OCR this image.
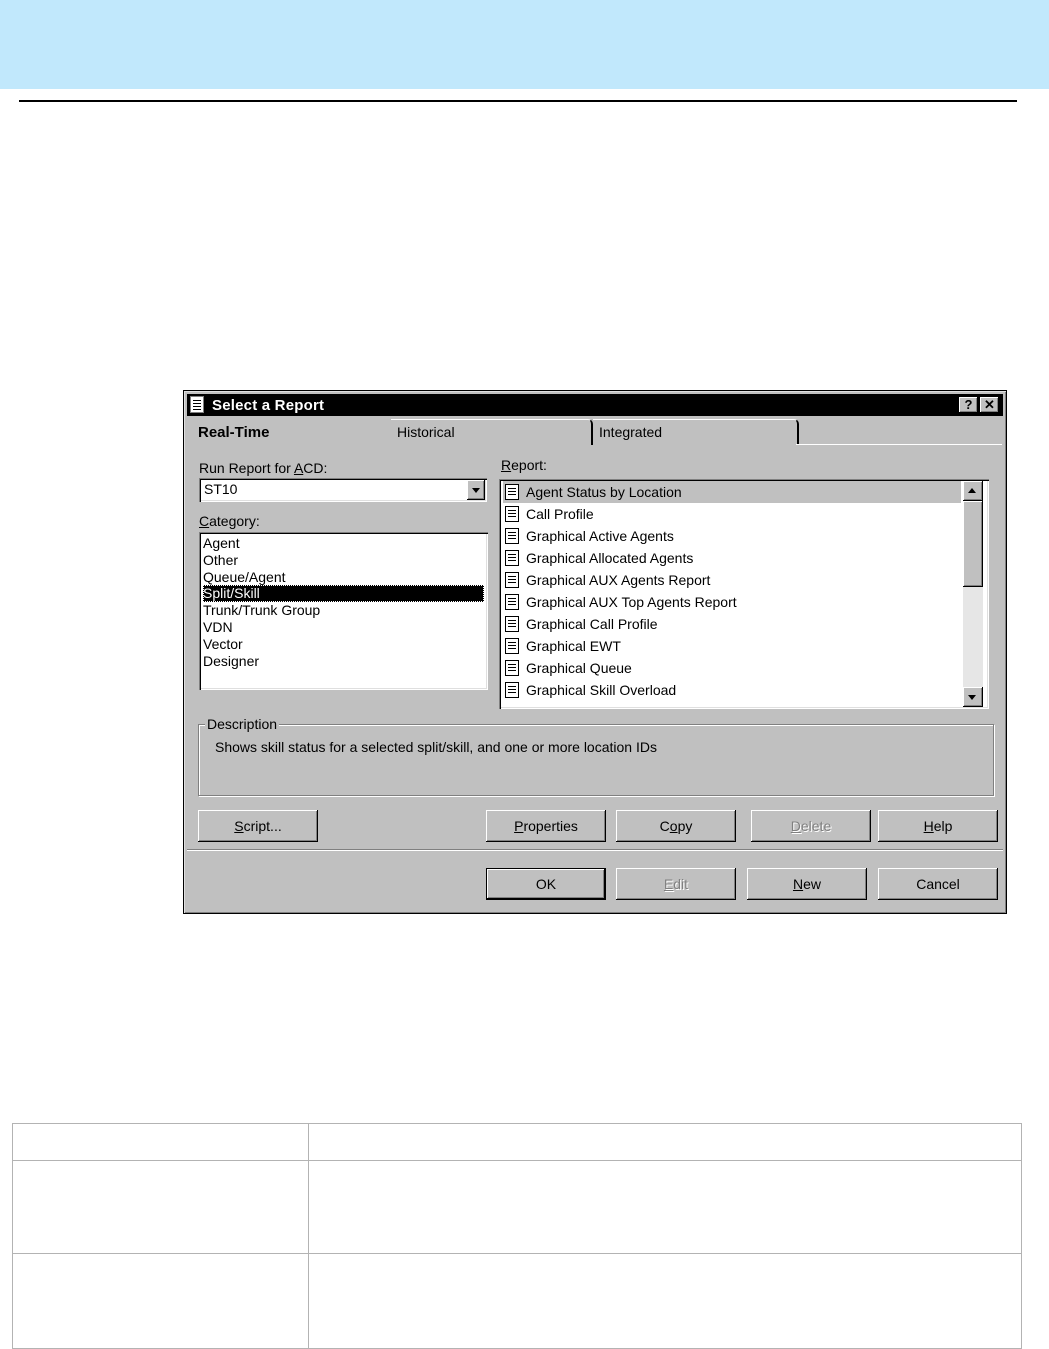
Select a Report	? ✕
Real-Time	Historical	Integrated
Run Report for ACD:
ST10
Category:
Agent
Other
Queue/Agent
Split/Skill
Trunk/Trunk Group
VDN
Vector
Designer
Report:
Agent Status by Location
Call Profile
Graphical Active Agents
Graphical Allocated Agents
Graphical AUX Agents Report
Graphical AUX Top Agents Report
Graphical Call Profile
Graphical EWT
Graphical Queue
Graphical Skill Overload
Description
Shows skill status for a selected split/skill, and one or more location IDs
Script...	Properties	Copy	Delete	Help
OK	Edit	New	Cancel
